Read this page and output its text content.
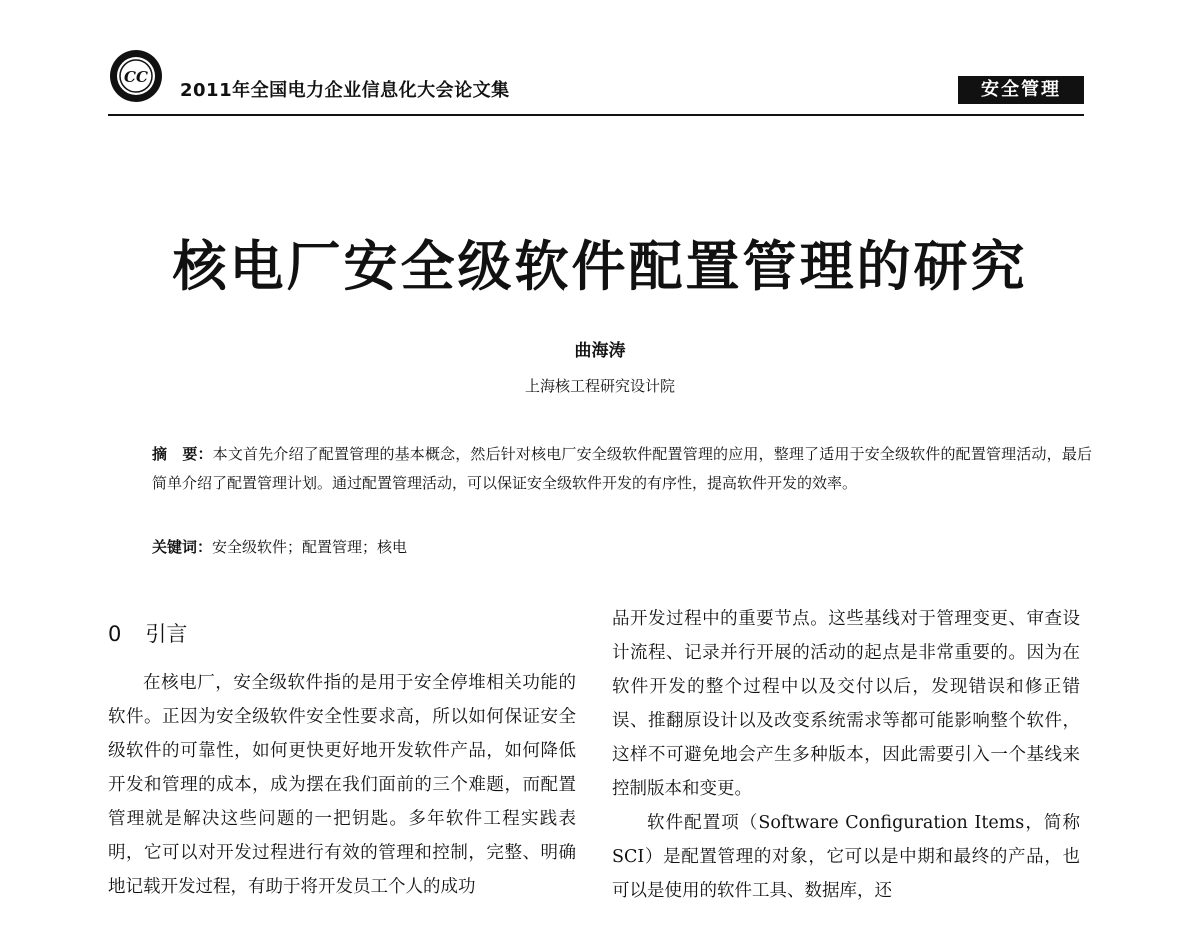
CC
2011年全国电力企业信息化大会论文集	安全管理
核电厂安全级软件配置管理的研究
曲海涛
上海核工程研究设计院
摘　要：本文首先介绍了配置管理的基本概念，然后针对核电厂安全级软件配置管理的应用，整理了适用于安全级软件的配置管理活动，最后简单介绍了配置管理计划。通过配置管理活动，可以保证安全级软件开发的有序性，提高软件开发的效率。
关键词：安全级软件；配置管理；核电
0 引言

在核电厂，安全级软件指的是用于安全停堆相关功能的软件。正因为安全级软件安全性要求高，所以如何保证安全级软件的可靠性，如何更快更好地开发软件产品，如何降低开发和管理的成本，成为摆在我们面前的三个难题，而配置管理就是解决这些问题的一把钥匙。多年软件工程实践表明，它可以对开发过程进行有效的管理和控制，完整、明确地记载开发过程，有助于将开发员工个人的成功

品开发过程中的重要节点。这些基线对于管理变更、审查设计流程、记录并行开展的活动的起点是非常重要的。因为在软件开发的整个过程中以及交付以后，发现错误和修正错误、推翻原设计以及改变系统需求等都可能影响整个软件，这样不可避免地会产生多种版本，因此需要引入一个基线来控制版本和变更。

软件配置项（Software Configuration Items，简称SCI）是配置管理的对象，它可以是中期和最终的产品，也可以是使用的软件工具、数据库，还
